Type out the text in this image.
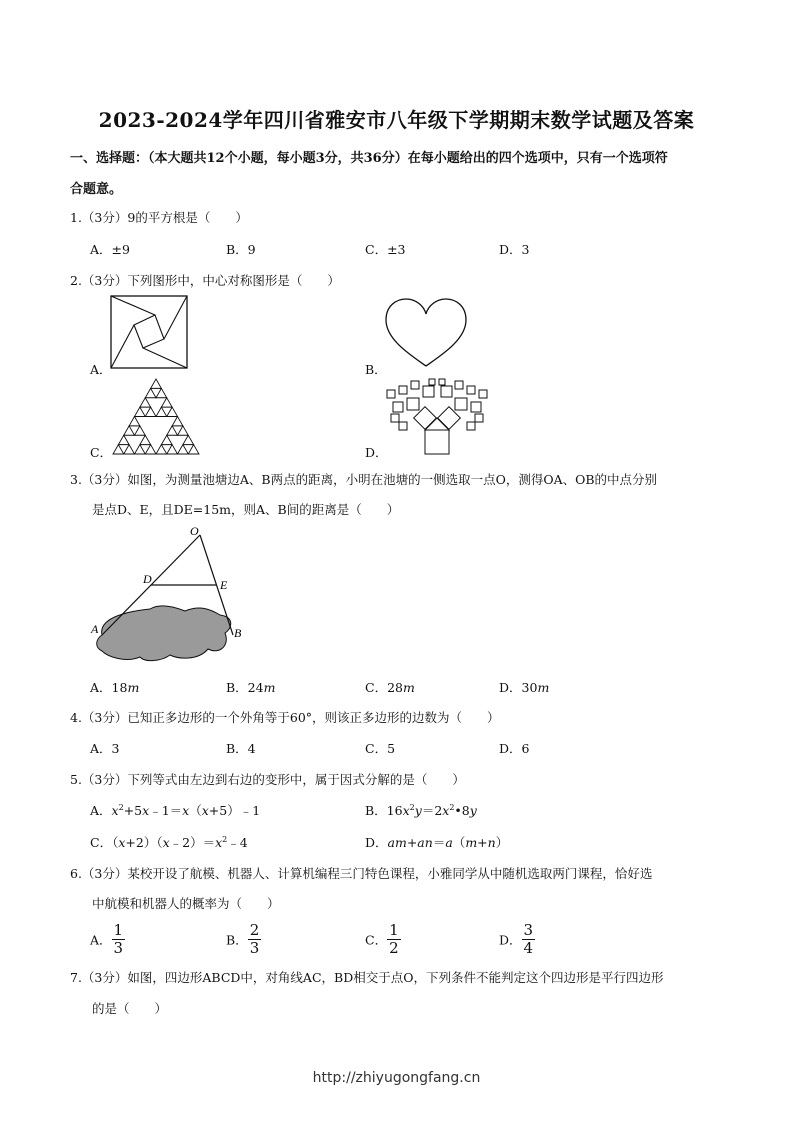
2023-2024学年四川省雅安市八年级下学期期末数学试题及答案
一、选择题：（本大题共12个小题，每小题3分，共36分）在每小题给出的四个选项中，只有一个选项符
合题意。
1.（3分）9的平方根是（　　）
A．±9	B．9	C．±3	D．3
2.（3分）下列图形中，中心对称图形是（　　）
A．	B．
C．	D．
3.（3分）如图，为测量池塘边A、B两点的距离，小明在池塘的一侧选取一点O，测得OA、OB的中点分别
是点D、E，且DE=15m，则A、B间的距离是（　　）
O
D	E
A	B
A．18m	B．24m	C．28m	D．30m
4.（3分）已知正多边形的一个外角等于60°，则该正多边形的边数为（　　）
A．3	B．4	C．5	D．6
5.（3分）下列等式由左边到右边的变形中，属于因式分解的是（　　）
A．$x^2+5x﹣1=x(x+5)﹣1$	B．$16x^2y=2x^2•8y$
C．$(x+2)(x﹣2)=x^2﹣4$	D．am+an＝a（m+n）
6.（3分）某校开设了航模、机器人、计算机编程三门特色课程，小雅同学从中随机选取两门课程，恰好选
中航模和机器人的概率为（　　）
A． $\frac{1}{3}$	B． $\frac{2}{3}$	C． $\frac{1}{2}$	D． $\frac{3}{4}$
7.（3分）如图，四边形ABCD中，对角线AC，BD相交于点O，下列条件不能判定这个四边形是平行四边形
的是（　　）
http://zhiyugongfang.cn
